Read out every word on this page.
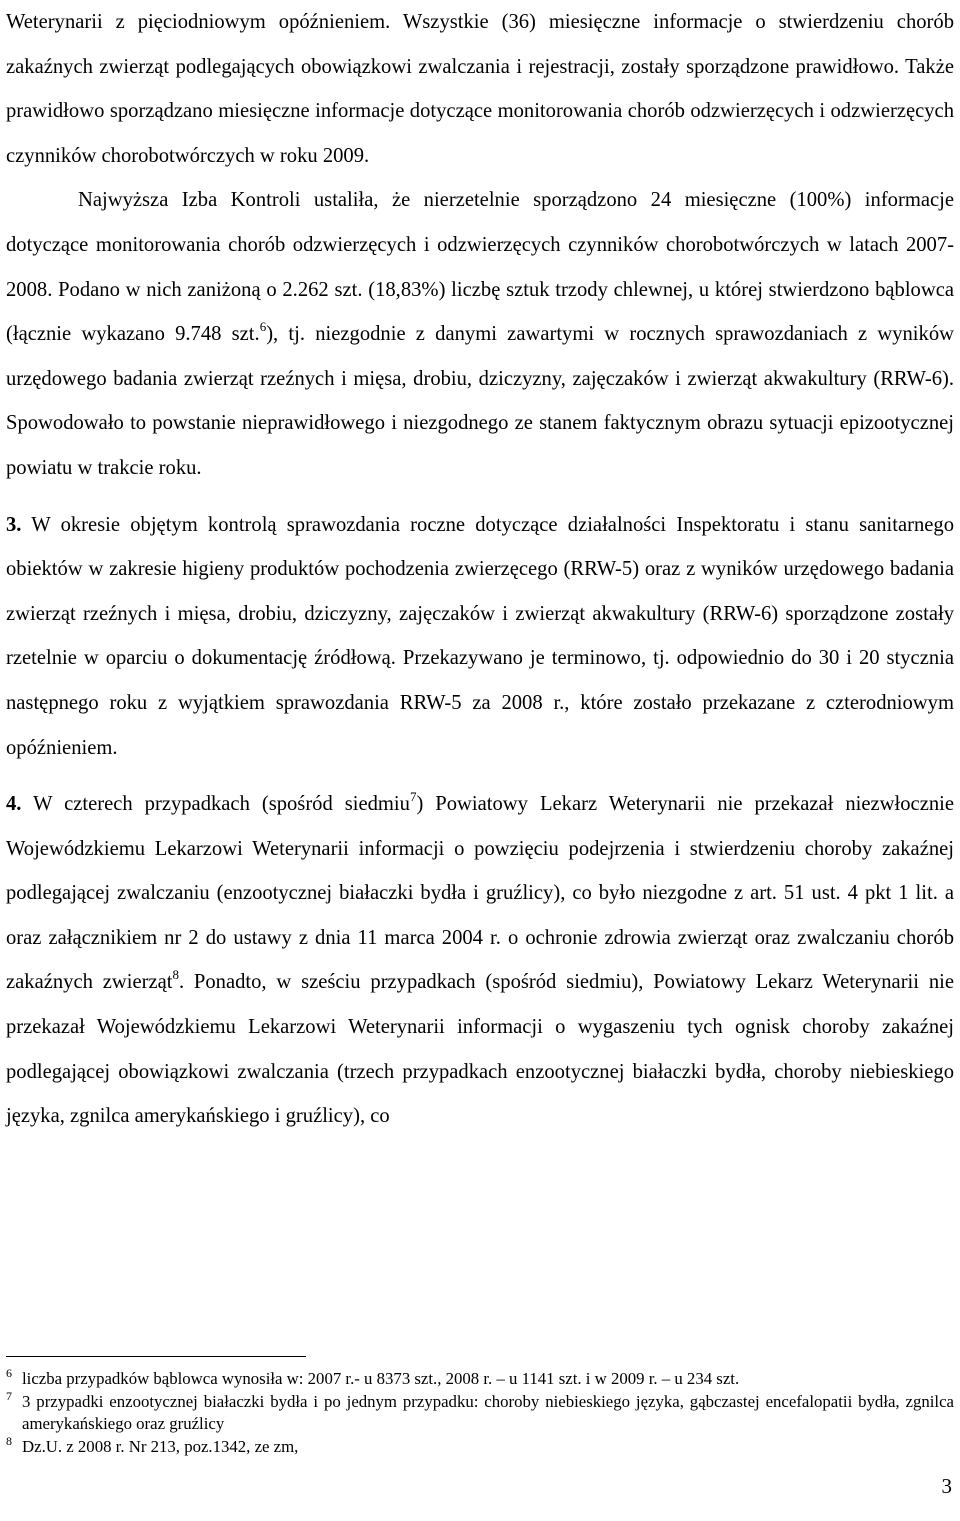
Weterynarii z pięciodniowym opóźnieniem. Wszystkie (36) miesięczne informacje o stwierdzeniu chorób zakaźnych zwierząt podlegających obowiązkowi zwalczania i rejestracji, zostały sporządzone prawidłowo. Także prawidłowo sporządzano miesięczne informacje dotyczące monitorowania chorób odzwierzęcych i odzwierzęcych czynników chorobotwórczych w roku 2009.

Najwyższa Izba Kontroli ustaliła, że nierzetelnie sporządzono 24 miesięczne (100%) informacje dotyczące monitorowania chorób odzwierzęcych i odzwierzęcych czynników chorobotwórczych w latach 2007-2008. Podano w nich zaniżoną o 2.262 szt. (18,83%) liczbę sztuk trzody chlewnej, u której stwierdzono bąblowca (łącznie wykazano 9.748 szt.$^6$), tj. niezgodnie z danymi zawartymi w rocznych sprawozdaniach z wyników urzędowego badania zwierząt rzeźnych i mięsa, drobiu, dziczyzny, zajęczaków i zwierząt akwakultury (RRW-6). Spowodowało to powstanie nieprawidłowego i niezgodnego ze stanem faktycznym obrazu sytuacji epizootycznej powiatu w trakcie roku.

3. W okresie objętym kontrolą sprawozdania roczne dotyczące działalności Inspektoratu i stanu sanitarnego obiektów w zakresie higieny produktów pochodzenia zwierzęcego (RRW-5) oraz z wyników urzędowego badania zwierząt rzeźnych i mięsa, drobiu, dziczyzny, zajęczaków i zwierząt akwakultury (RRW-6) sporządzone zostały rzetelnie w oparciu o dokumentację źródłową. Przekazywano je terminowo, tj. odpowiednio do 30 i 20 stycznia następnego roku z wyjątkiem sprawozdania RRW-5 za 2008 r., które zostało przekazane z czterodniowym opóźnieniem.

4. W czterech przypadkach (spośród siedmiu$^7$) Powiatowy Lekarz Weterynarii nie przekazał niezwłocznie Wojewódzkiemu Lekarzowi Weterynarii informacji o powzięciu podejrzenia i stwierdzeniu choroby zakaźnej podlegającej zwalczaniu (enzootycznej białaczki bydła i gruźlicy), co było niezgodne z art. 51 ust. 4 pkt 1 lit. a oraz załącznikiem nr 2 do ustawy z dnia 11 marca 2004 r. o ochronie zdrowia zwierząt oraz zwalczaniu chorób zakaźnych zwierząt$^8$. Ponadto, w sześciu przypadkach (spośród siedmiu), Powiatowy Lekarz Weterynarii nie przekazał Wojewódzkiemu Lekarzowi Weterynarii informacji o wygaszeniu tych ognisk choroby zakaźnej podlegającej obowiązkowi zwalczania (trzech przypadkach enzootycznej białaczki bydła, choroby niebieskiego języka, zgnilca amerykańskiego i gruźlicy), co

6 liczba przypadków bąblowca wynosiła w: 2007 r.- u 8373 szt., 2008 r. – u 1141 szt. i w 2009 r. – u 234 szt.
7 3 przypadki enzootycznej białaczki bydła i po jednym przypadku: choroby niebieskiego języka, gąbczastej encefalopatii bydła, zgnilca amerykańskiego oraz gruźlicy
8 Dz.U. z 2008 r. Nr 213, poz.1342, ze zm,
3
